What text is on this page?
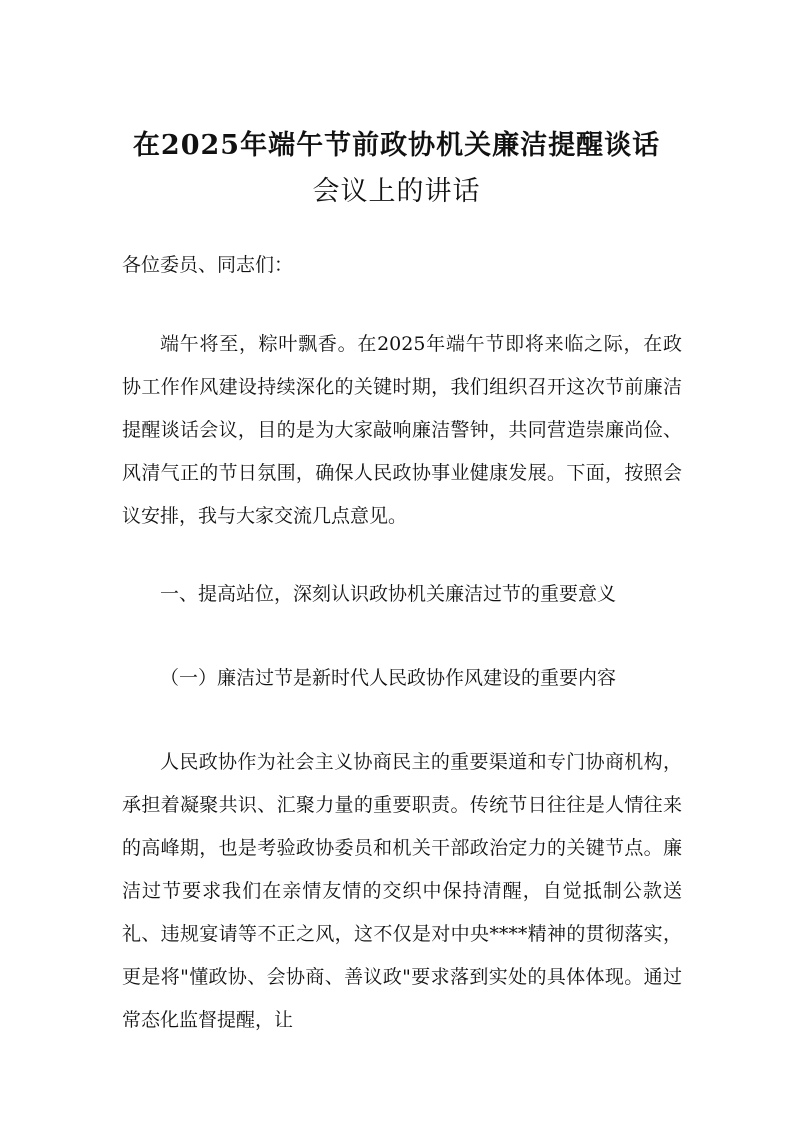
在2025年端午节前政协机关廉洁提醒谈话
会议上的讲话

各位委员、同志们：

端午将至，粽叶飘香。在2025年端午节即将来临之际，在政协工作作风建设持续深化的关键时期，我们组织召开这次节前廉洁提醒谈话会议，目的是为大家敲响廉洁警钟，共同营造崇廉尚俭、风清气正的节日氛围，确保人民政协事业健康发展。下面，按照会议安排，我与大家交流几点意见。

一、提高站位，深刻认识政协机关廉洁过节的重要意义

（一）廉洁过节是新时代人民政协作风建设的重要内容

人民政协作为社会主义协商民主的重要渠道和专门协商机构，承担着凝聚共识、汇聚力量的重要职责。传统节日往往是人情往来的高峰期，也是考验政协委员和机关干部政治定力的关键节点。廉洁过节要求我们在亲情友情的交织中保持清醒，自觉抵制公款送礼、违规宴请等不正之风，这不仅是对中央****精神的贯彻落实，更是将"懂政协、会协商、善议政"要求落到实处的具体体现。通过常态化监督提醒，让
